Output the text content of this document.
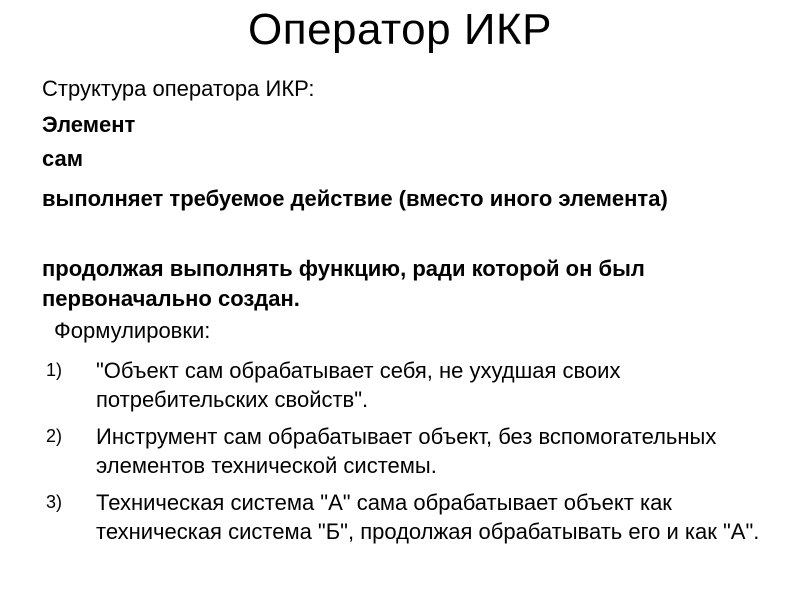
Оператор ИКР

Структура оператора ИКР:

Элемент

сам

выполняет требуемое действие (вместо иного элемента)

продолжая выполнять функцию, ради которой он был первоначально создан.

Формулировки:

1) "Объект сам обрабатывает себя, не ухудшая своих потребительских свойств".
2) Инструмент сам обрабатывает объект, без вспомогательных элементов технической системы.
3) Техническая система "А" сама обрабатывает объект как техническая система "Б", продолжая обрабатывать его и как "А".
